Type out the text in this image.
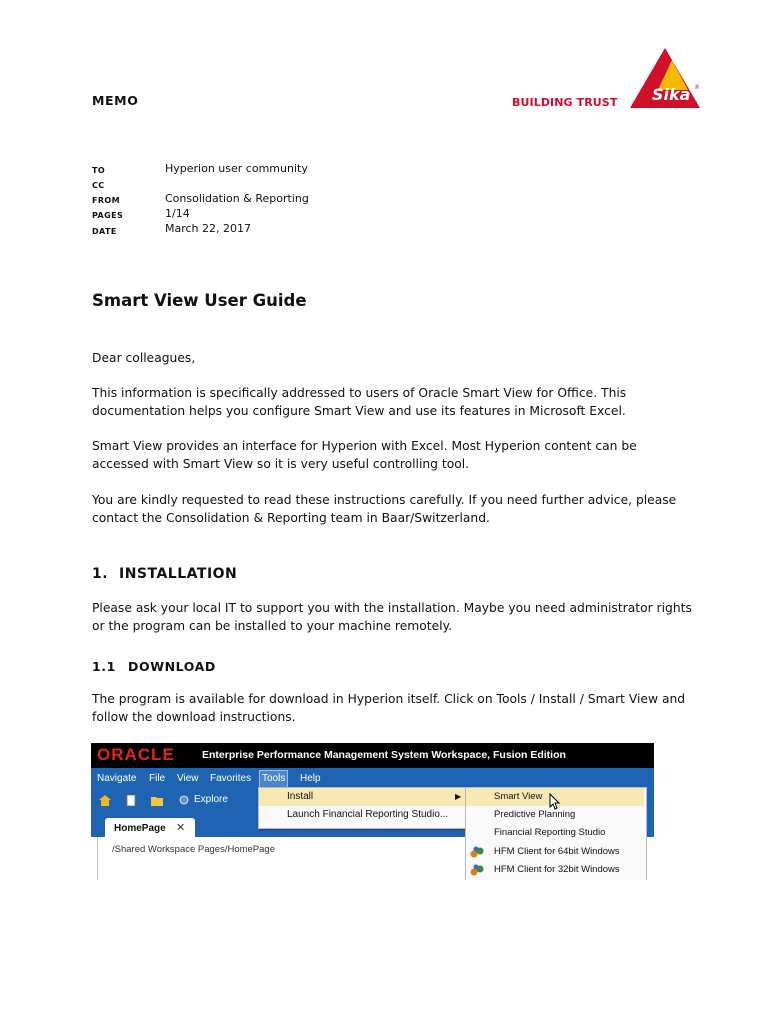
MEMO	BUILDING TRUST Sika ®
TO	Hyperion user community
CC
FROM	Consolidation & Reporting
PAGES	1/14
DATE	March 22, 2017
Smart View User Guide
Dear colleagues,
This information is specifically addressed to users of Oracle Smart View for Office. This documentation helps you configure Smart View and use its features in Microsoft Excel.
Smart View provides an interface for Hyperion with Excel. Most Hyperion content can be accessed with Smart View so it is very useful controlling tool.
You are kindly requested to read these instructions carefully. If you need further advice, please contact the Consolidation & Reporting team in Baar/Switzerland.
1. INSTALLATION
Please ask your local IT to support you with the installation. Maybe you need administrator rights or the program can be installed to your machine remotely.
1.1 DOWNLOAD
The program is available for download in Hyperion itself. Click on Tools / Install / Smart View and follow the download instructions.
ORACLE	Enterprise Performance Management System Workspace, Fusion Edition
Navigate File View Favorites	Tools	Help
Explore
HomePage ✕
/Shared Workspace Pages/HomePage
Install	▶
Launch Financial Reporting Studio...
Smart View
Predictive Planning
Financial Reporting Studio
HFM Client for 64bit Windows
HFM Client for 32bit Windows
